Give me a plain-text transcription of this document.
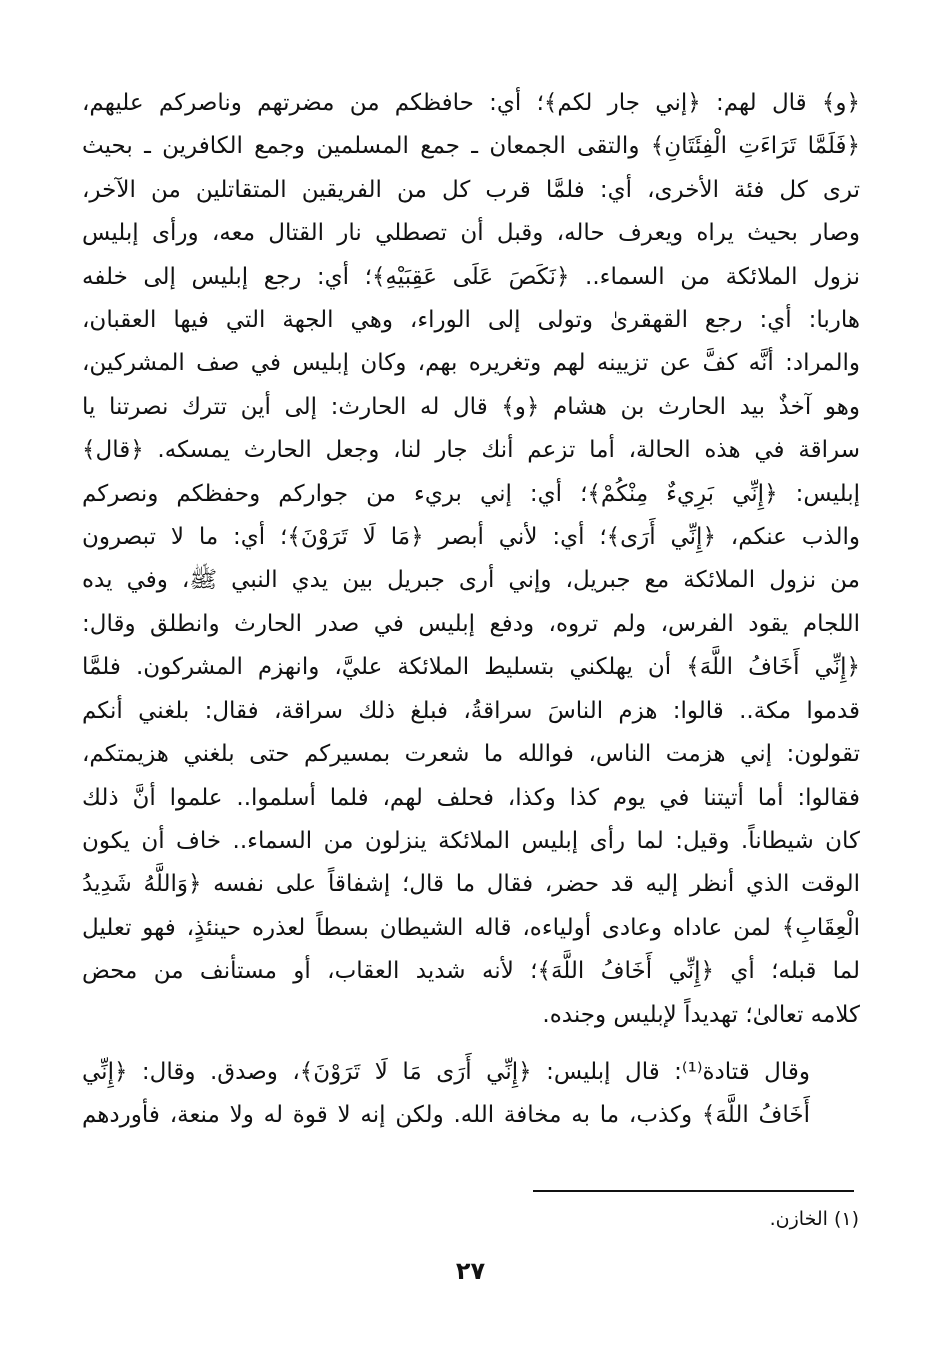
﴿و﴾ قال لهم: ﴿إني جار لكم﴾؛ أي: حافظكم من مضرتهم وناصركم عليهم،
﴿فَلَمَّا تَرَاءَتِ الْفِئَتَانِ﴾ والتقى الجمعان ـ جمع المسلمين وجمع الكافرين ـ بحيث
ترى كل فئة الأخرى، أي: فلمَّا قرب كل من الفريقين المتقاتلين من الآخر،
وصار بحيث يراه ويعرف حاله، وقبل أن تصطلي نار القتال معه، ورأى إبليس
نزول الملائكة من السماء.. ﴿نَكَصَ عَلَى عَقِبَيْهِ﴾؛ أي: رجع إبليس إلى خلفه
هاربا: أي: رجع القهقرىٰ وتولى إلى الوراء، وهي الجهة التي فيها العقبان،
والمراد: أنَّه كفَّ عن تزيينه لهم وتغريره بهم، وكان إبليس في صف المشركين،
وهو آخذٌ بيد الحارث بن هشام ﴿و﴾ قال له الحارث: إلى أين تترك نصرتنا يا
سراقة في هذه الحالة، أما تزعم أنك جار لنا، وجعل الحارث يمسكه. ﴿قال﴾
إبليس: ﴿إِنِّي بَرِيءٌ مِنْكُمْ﴾؛ أي: إني بريء من جواركم وحفظكم ونصركم
والذب عنكم، ﴿إِنِّي أَرَى﴾؛ أي: لأني أبصر ﴿مَا لَا تَرَوْنَ﴾؛ أي: ما لا تبصرون
من نزول الملائكة مع جبريل، وإني أرى جبريل بين يدي النبي ﷺ، وفي يده
اللجام يقود الفرس، ولم تروه، ودفع إبليس في صدر الحارث وانطلق وقال:
﴿إِنِّي أَخَافُ اللَّهَ﴾ أن يهلكني بتسليط الملائكة عليَّ، وانهزم المشركون. فلمَّا
قدموا مكة.. قالوا: هزم الناسَ سراقةُ، فبلغ ذلك سراقة، فقال: بلغني أنكم
تقولون: إني هزمت الناس، فوالله ما شعرت بمسيركم حتى بلغني هزيمتكم،
فقالوا: أما أتيتنا في يوم كذا وكذا، فحلف لهم، فلما أسلموا.. علموا أنَّ ذلك
كان شيطاناً. وقيل: لما رأى إبليس الملائكة ينزلون من السماء.. خاف أن يكون
الوقت الذي أنظر إليه قد حضر، فقال ما قال؛ إشفاقاً على نفسه ﴿وَاللَّهُ شَدِيدُ
الْعِقَابِ﴾ لمن عاداه وعادى أولياءه، قاله الشيطان بسطاً لعذره حينئذٍ، فهو تعليل
لما قبله؛ أي ﴿إِنِّي أَخَافُ اللَّهَ﴾؛ لأنه شديد العقاب، أو مستأنف من محض
كلامه تعالىٰ؛ تهديداً لإبليس وجنده.

وقال قتادة⁽¹⁾: قال إبليس: ﴿إِنِّي أَرَى مَا لَا تَرَوْنَ﴾، وصدق. وقال: ﴿إِنِّي
أَخَافُ اللَّهَ﴾ وكذب، ما به مخافة الله. ولكن إنه لا قوة له ولا منعة، فأوردهم

(١) الخازن.
٢٧
